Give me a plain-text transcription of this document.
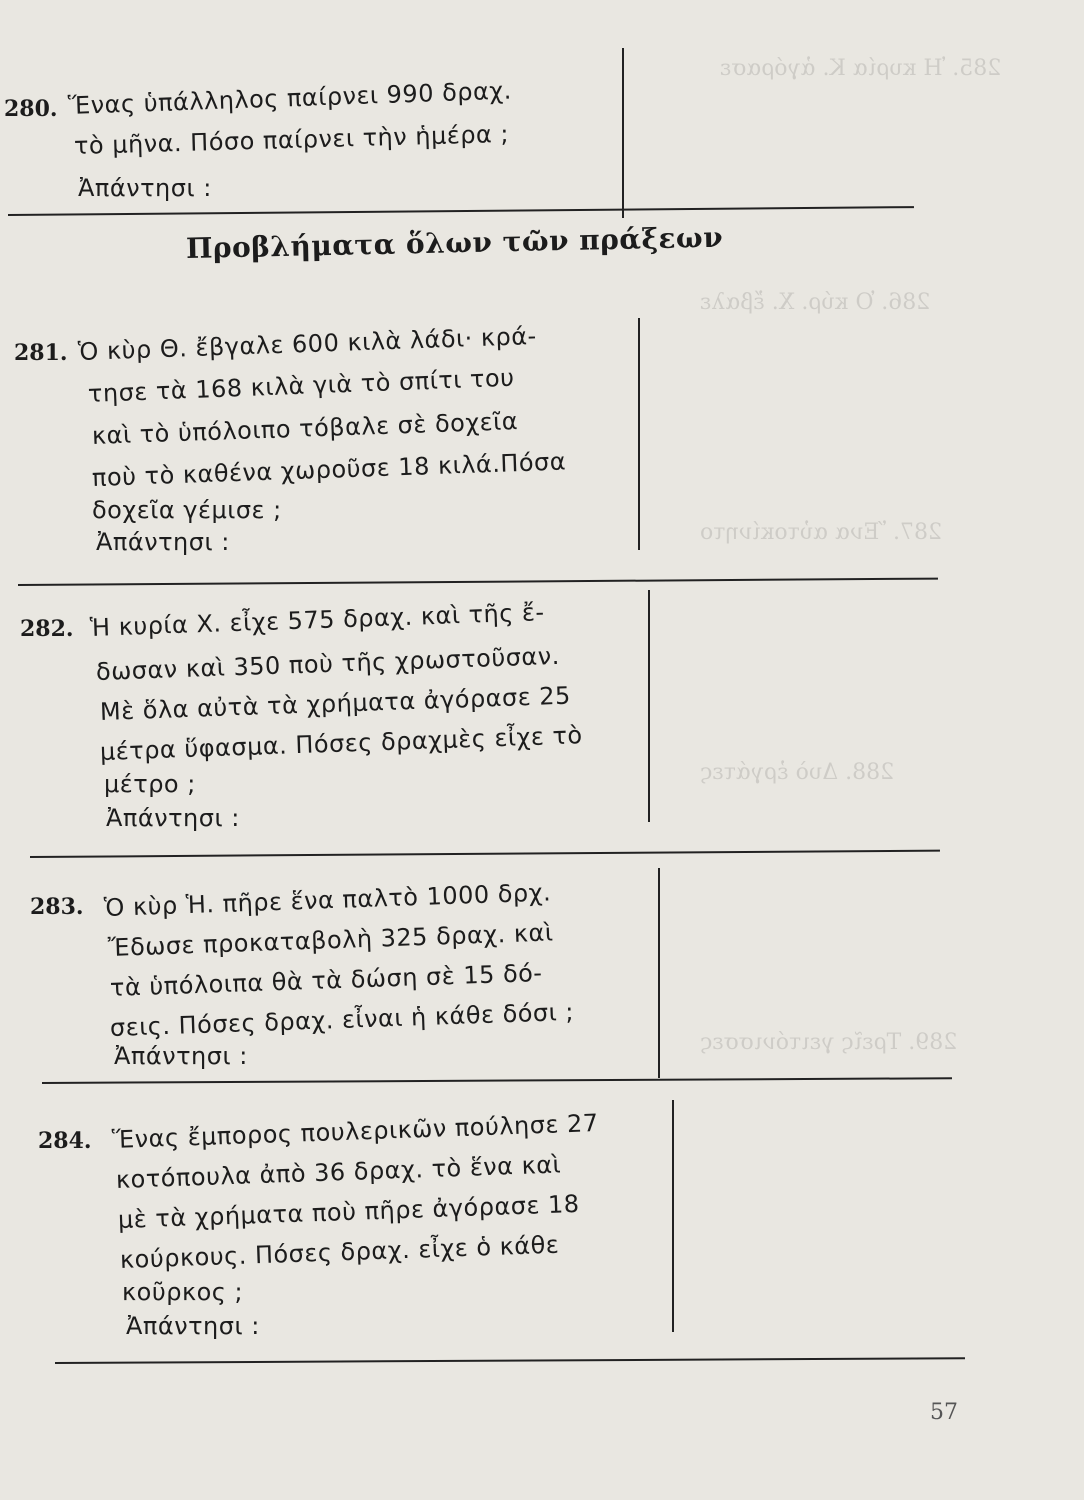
285. Ἡ κυρία Κ. ἀγόρασε
286. Ὁ κύρ. Χ. ἔβαλε
287. Ἕνα αὐτοκίνητο
288. Δυὸ ἐργάτες
289. Τρεῖς γειτόνισσες
Προβλήματα ὅλων τῶν πράξεων
280. Ἕνας ὑπάλληλος παίρνει 990 δραχ.
τὸ μῆνα. Πόσο παίρνει τὴν ἡμέρα ;
Ἀπάντησι :
281. Ὁ κὺρ Θ. ἔβγαλε 600 κιλὰ λάδι· κρά-
τησε τὰ 168 κιλὰ γιὰ τὸ σπίτι του
καὶ τὸ ὑπόλοιπο τόβαλε σὲ δοχεῖα
ποὺ τὸ καθένα χωροῦσε 18 κιλά.Πόσα
δοχεῖα γέμισε ;
Ἀπάντησι :
282. Ἡ κυρία Χ. εἶχε 575 δραχ. καὶ τῆς ἔ-
δωσαν καὶ 350 ποὺ τῆς χρωστοῦσαν.
Μὲ ὅλα αὐτὰ τὰ χρήματα ἀγόρασε 25
μέτρα ὕφασμα. Πόσες δραχμὲς εἶχε τὸ
μέτρο ;
Ἀπάντησι :
283. Ὁ κὺρ Ἡ. πῆρε ἕνα παλτὸ 1000 δρχ.
Ἔδωσε προκαταβολὴ 325 δραχ. καὶ
τὰ ὑπόλοιπα θὰ τὰ δώση σὲ 15 δό-
σεις. Πόσες δραχ. εἶναι ἡ κάθε δόσι ;
Ἀπάντησι :
284. Ἕνας ἔμπορος πουλερικῶν πούλησε 27
κοτόπουλα ἀπὸ 36 δραχ. τὸ ἕνα καὶ
μὲ τὰ χρήματα ποὺ πῆρε ἀγόρασε 18
κούρκους. Πόσες δραχ. εἶχε ὁ κάθε
κοῦρκος ;
Ἀπάντησι :
57
